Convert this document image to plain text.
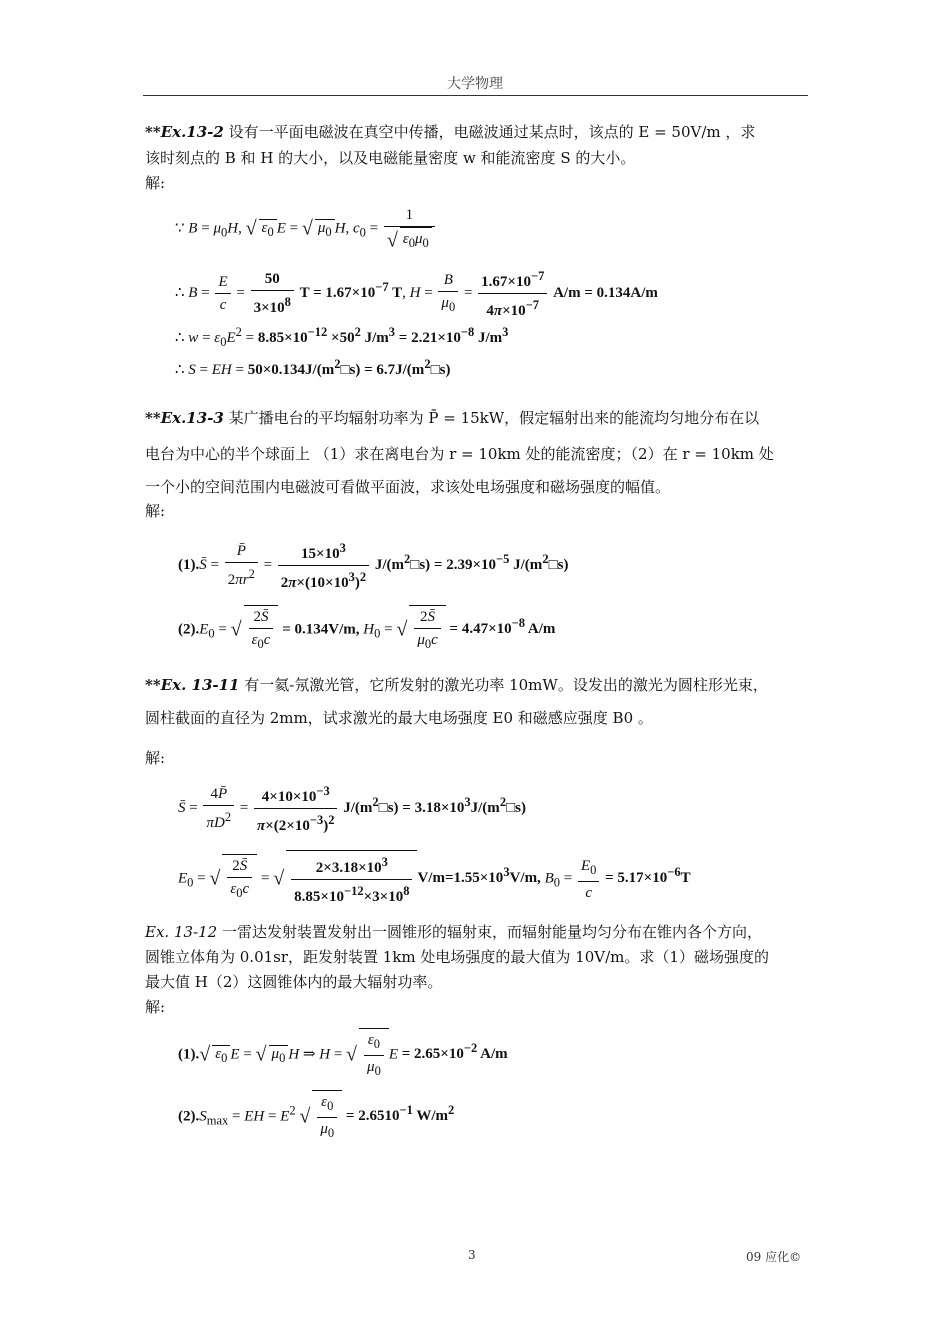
大学物理
**Ex.13-2 设有一平面电磁波在真空中传播，电磁波通过某点时，该点的 E = 50V/m ，求
该时刻点的 B 和 H 的大小，以及电磁能量密度 w 和能流密度 S 的大小。
解:
∵ $B = \mu_0H$, √ $\varepsilon_0$ E = √ $\mu_0$ H, $c_0 = \frac{1}{√ \varepsilon_0\mu_0}$
∴ $B = \frac{E}{c} = \frac{50}{3\times 10^8}$ $T = 1.67\times 10^{-7}$ T, $H = \frac{B}{\mu_0} = \frac{1.67\times 10^{-7}}{4\pi\times 10^{-7}} A/m = 0.134A/m$
∴ $w = \varepsilon_0E^2 = 8.85\times 10^{-12} \times 50^2$ $J/m^3 = 2.21\times 10^{-8}$ $J/m^3$
∴ S = EH = $50\times 0.134J/(m^2□s)$ = $6.7J/(m^2□s)$
**Ex.13-3 某广播电台的平均辐射功率为 P̄ = 15kW，假定辐射出来的能流均匀地分布在以
电台为中心的半个球面上 （1）求在离电台为 r = 10km 处的能流密度；（2）在 r = 10km 处
一个小的空间范围内电磁波可看做平面波，求该处电场强度和磁场强度的幅值。
解:
(1).S̄ = $\frac{P̄}{2\pi r^2} = \frac{15\times 10^3}{2\pi\times(10\times 10^3)^2}$ $J/(m^2□s) = 2.39\times 10^{-5}$ $J/(m^2□s)$
$(2).E_0$ = √ $\frac{2S̄}{\varepsilon_0c} = 0.134V/m$, $H_0$ = √ $\frac{2S̄}{\mu_0c} = 4.47\times 10^{-8}$ A/m
**Ex. 13-11 有一氦-氖激光管，它所发射的激光功率 10mW。设发出的激光为圆柱形光束，
圆柱截面的直径为 2mm，试求激光的最大电场强度 E0 和磁感应强度 B0 。
解:
S̄ = $\frac{4P̄}{\pi D^2} = \frac{4\times 10\times 10^{-3}}{\pi\times(2\times 10^{-3})^2}$ $J/(m^2□s)$ = $3.18\times 10^3J/(m^2□s)$
$E_0$ = √ $\frac{2S̄}{\varepsilon_0c}$ = √ $\frac{2\times 3.18\times 10^3}{8.85\times 10^{-12}\times 3\times 10^8} V/m=1.55\times 10^3V/m$, $B_0 = \frac{E_0}{c} = 5.17\times 10^{-6}T$
Ex. 13-12 一雷达发射装置发射出一圆锥形的辐射束，而辐射能量均匀分布在锥内各个方向，
圆锥立体角为 0.01sr，距发射装置 1km 处电场强度的最大值为 10V/m。求（1）磁场强度的
最大值 H（2）这圆锥体内的最大辐射功率。
解:
(1).√ $\varepsilon_0$ E = √ $\mu_0$ H ⇒ H = √ $\frac{\varepsilon_0}{\mu_0}$ $E = 2.65\times 10^{-2}$ A/m
$(2).S_{max}$ = EH = $E^2$ √ $\frac{\varepsilon_0}{\mu_0} = 2.6510^{-1}$ $W/m^2$
3	09 应化©
